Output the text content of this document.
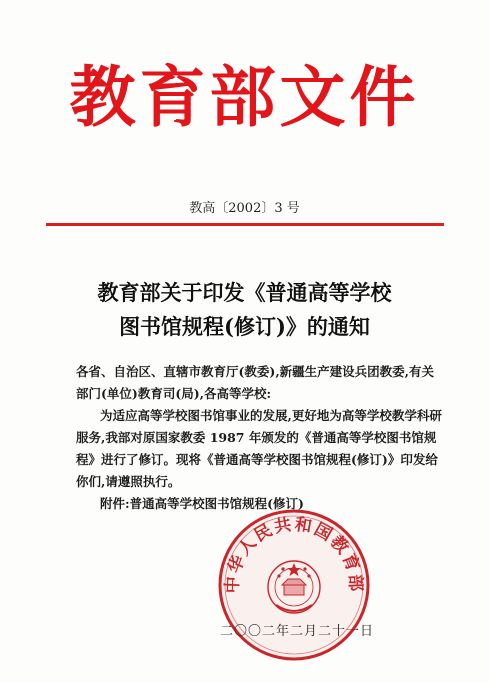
教育部文件
教高〔2002〕3 号
教育部关于印发《普通高等学校
图书馆规程(修订)》的通知
各省、自治区、直辖市教育厅(教委),新疆生产建设兵团教委,有关部门(单位)教育司(局),各高等学校:
为适应高等学校图书馆事业的发展,更好地为高等学校教学科研服务,我部对原国家教委 1987 年颁发的《普通高等学校图书馆规程》进行了修订。现将《普通高等学校图书馆规程(修订)》印发给你们,请遵照执行。
附件:普通高等学校图书馆规程(修订)
中华人民共和国教育部
二〇〇二年二月二十一日
